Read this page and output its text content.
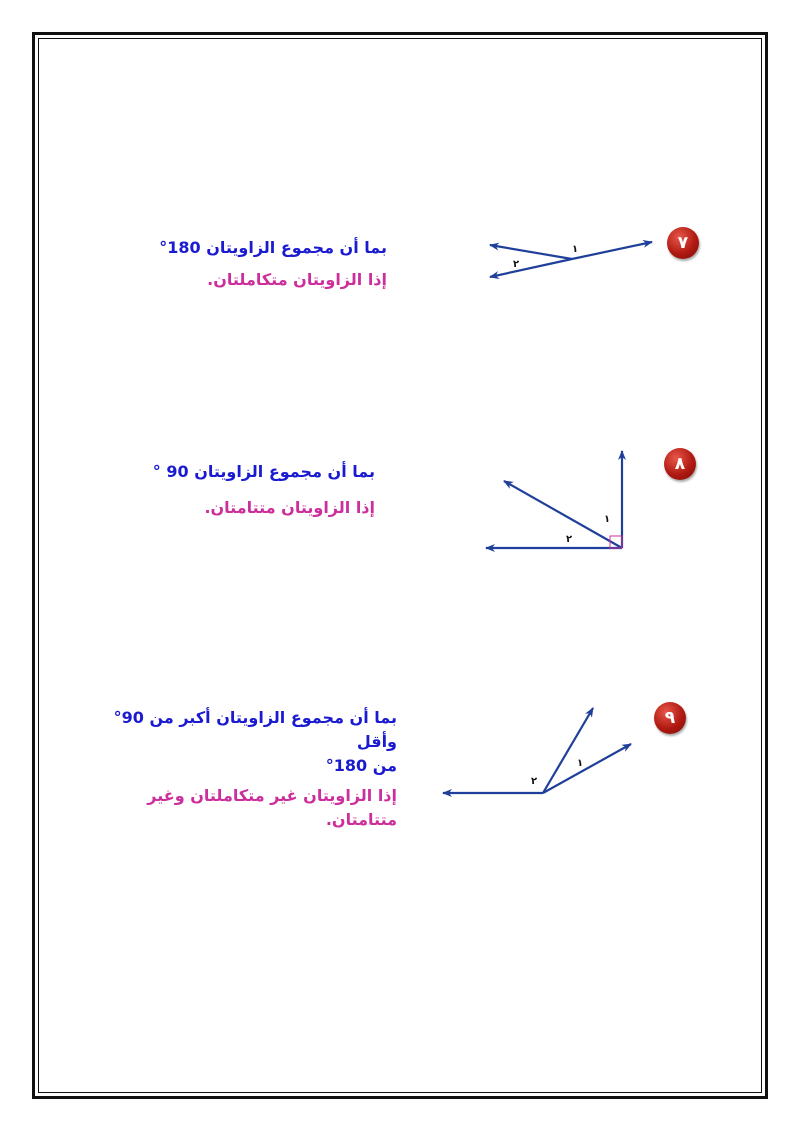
٧
١
٢
بما أن مجموع الزاويتان 180°
إذا الزاويتان متكاملتان.
٨
١
٢
بما أن مجموع الزاويتان 90 °
إذا الزاويتان متتامتان.
٩
١
٢
بما أن مجموع الزاويتان أكبر من 90° وأقل
من 180°
إذا الزاويتان غير متكاملتان وغير متتامتان.
